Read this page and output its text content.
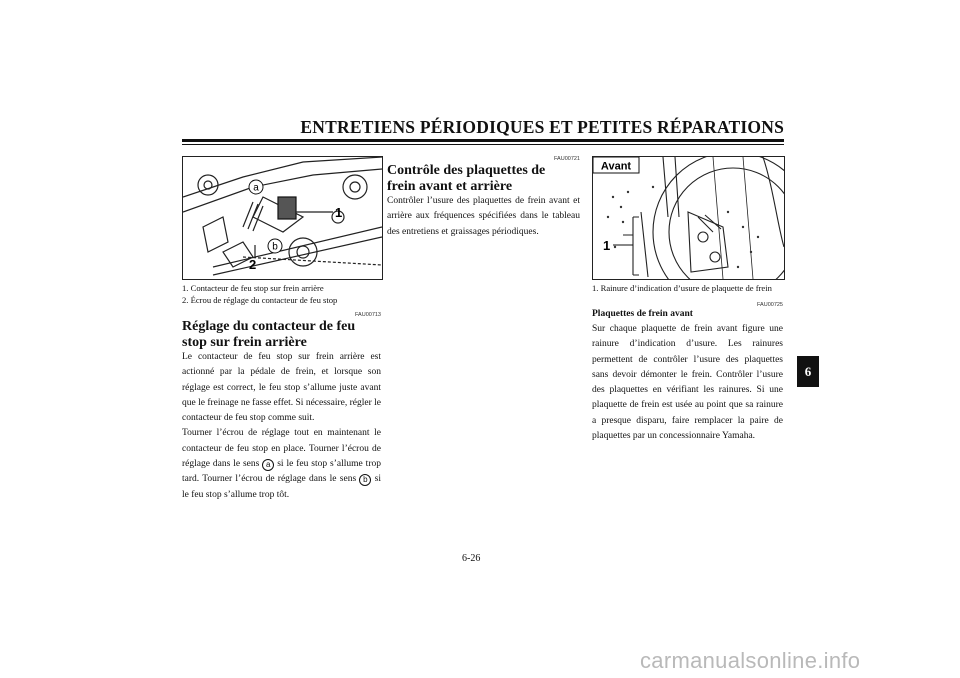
ENTRETIENS PÉRIODIQUES ET PETITES RÉPARATIONS
a
b
1
2
1. Contacteur de feu stop sur frein arrière
2. Écrou de réglage du contacteur de feu stop
FAU00713
Réglage du contacteur de feu stop sur frein arrière
Le contacteur de feu stop sur frein arrière est actionné par la pédale de frein, et lorsque son réglage est correct, le feu stop s’allume juste avant que le freinage ne fasse effet. Si nécessaire, régler le contacteur de feu stop comme suit.
Tourner l’écrou de réglage tout en maintenant le contacteur de feu stop en place. Tourner l’écrou de réglage dans le sens a si le feu stop s’allume trop tard. Tourner l’écrou de réglage dans le sens b si le feu stop s’allume trop tôt.
FAU00721
Contrôle des plaquettes de frein avant et arrière
Contrôler l’usure des plaquettes de frein avant et arrière aux fréquences spécifiées dans le tableau des entretiens et graissages périodiques.
Avant
1
1. Rainure d’indication d’usure de plaquette de frein
FAU00725
Plaquettes de frein avant
Sur chaque plaquette de frein avant figure une rainure d’indication d’usure. Les rainures permettent de contrôler l’usure des plaquettes sans devoir démonter le frein. Contrôler l’usure des plaquettes en vérifiant les rainures. Si une plaquette de frein est usée au point que sa rainure a presque disparu, faire remplacer la paire de plaquettes par un concessionnaire Yamaha.
6
6-26
carmanualsonline.info
